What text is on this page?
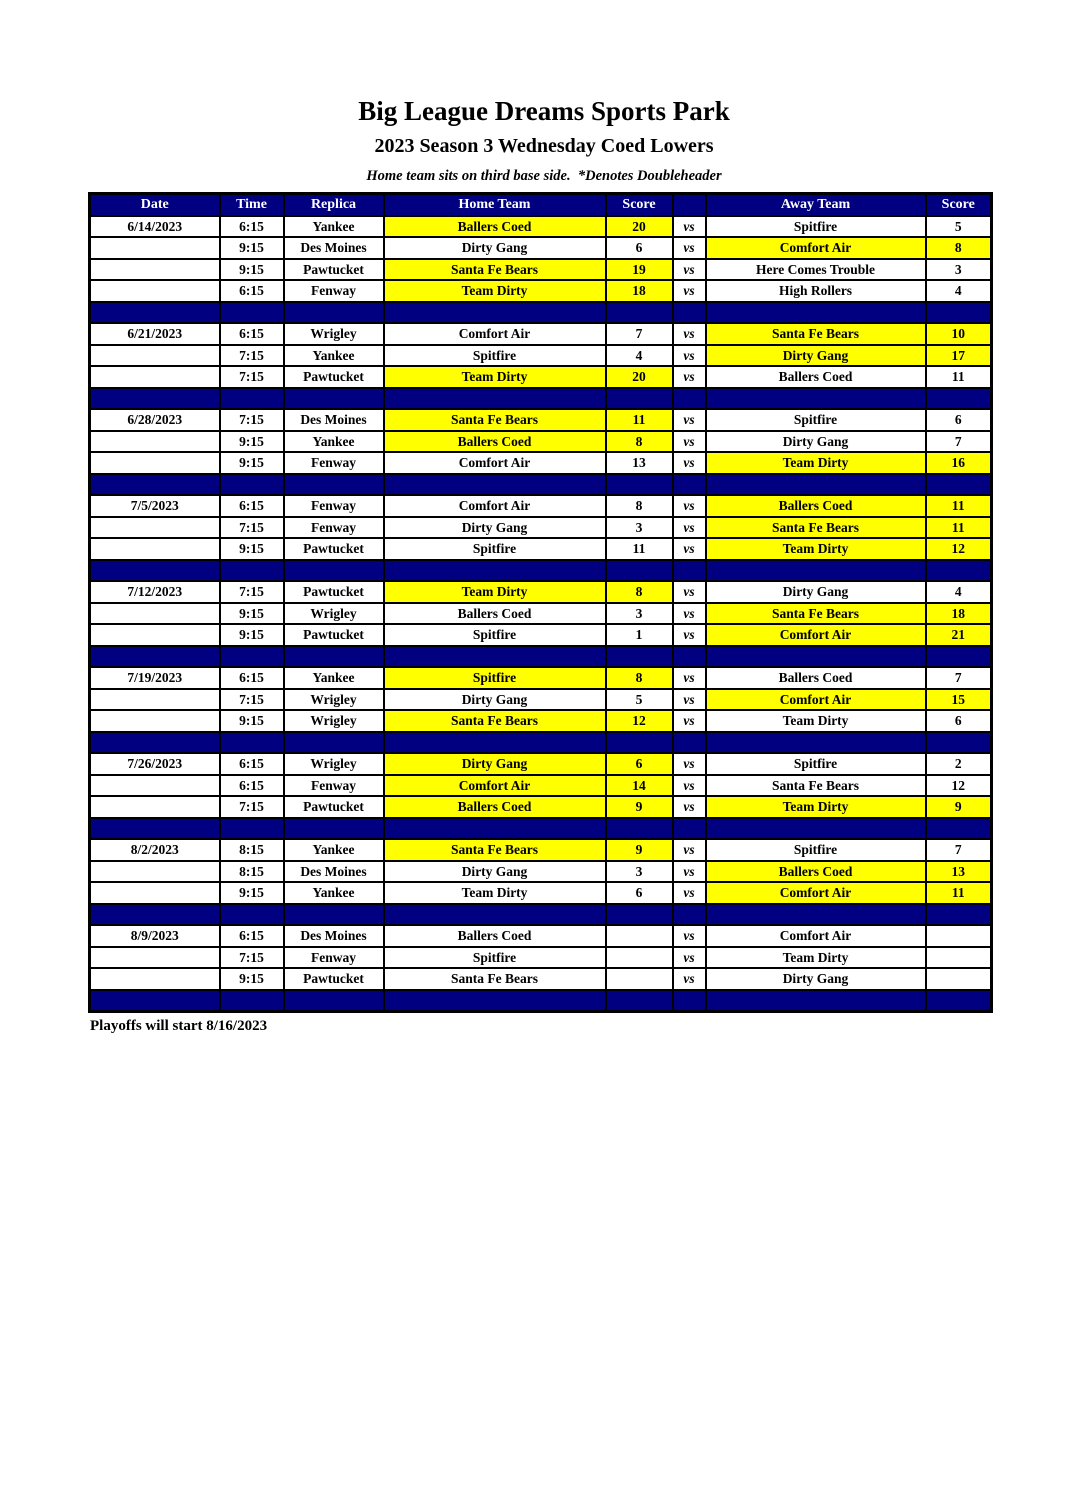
Big League Dreams Sports Park
2023 Season 3 Wednesday Coed Lowers
Home team sits on third base side.  *Denotes Doubleheader
Date	Time	Replica	Home Team	Score		Away Team	Score
6/14/2023	6:15	Yankee	Ballers Coed	20	vs	Spitfire	5
	9:15	Des Moines	Dirty Gang	6	vs	Comfort Air	8
	9:15	Pawtucket	Santa Fe Bears	19	vs	Here Comes Trouble	3
	6:15	Fenway	Team Dirty	18	vs	High Rollers	4

6/21/2023	6:15	Wrigley	Comfort Air	7	vs	Santa Fe Bears	10
	7:15	Yankee	Spitfire	4	vs	Dirty Gang	17
	7:15	Pawtucket	Team Dirty	20	vs	Ballers Coed	11

6/28/2023	7:15	Des Moines	Santa Fe Bears	11	vs	Spitfire	6
	9:15	Yankee	Ballers Coed	8	vs	Dirty Gang	7
	9:15	Fenway	Comfort Air	13	vs	Team Dirty	16

7/5/2023	6:15	Fenway	Comfort Air	8	vs	Ballers Coed	11
	7:15	Fenway	Dirty Gang	3	vs	Santa Fe Bears	11
	9:15	Pawtucket	Spitfire	11	vs	Team Dirty	12

7/12/2023	7:15	Pawtucket	Team Dirty	8	vs	Dirty Gang	4
	9:15	Wrigley	Ballers Coed	3	vs	Santa Fe Bears	18
	9:15	Pawtucket	Spitfire	1	vs	Comfort Air	21

7/19/2023	6:15	Yankee	Spitfire	8	vs	Ballers Coed	7
	7:15	Wrigley	Dirty Gang	5	vs	Comfort Air	15
	9:15	Wrigley	Santa Fe Bears	12	vs	Team Dirty	6

7/26/2023	6:15	Wrigley	Dirty Gang	6	vs	Spitfire	2
	6:15	Fenway	Comfort Air	14	vs	Santa Fe Bears	12
	7:15	Pawtucket	Ballers Coed	9	vs	Team Dirty	9

8/2/2023	8:15	Yankee	Santa Fe Bears	9	vs	Spitfire	7
	8:15	Des Moines	Dirty Gang	3	vs	Ballers Coed	13
	9:15	Yankee	Team Dirty	6	vs	Comfort Air	11

8/9/2023	6:15	Des Moines	Ballers Coed		vs	Comfort Air	
	7:15	Fenway	Spitfire		vs	Team Dirty	
	9:15	Pawtucket	Santa Fe Bears		vs	Dirty Gang	

Playoffs will start 8/16/2023
